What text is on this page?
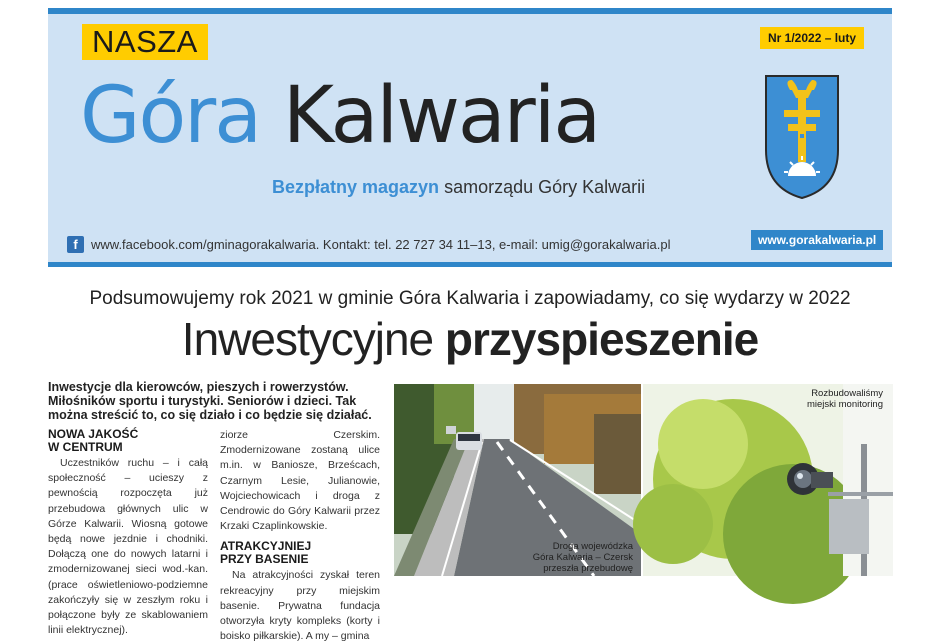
NASZA	Nr 1/2022 – luty
Góra Kalwaria
Bezpłatny magazyn samorządu Góry Kalwarii
f	www.facebook.com/gminagorakalwaria. Kontakt: tel. 22 727 34 11–13, e-mail: umig@gorakalwaria.pl	www.gorakalwaria.pl
Podsumowujemy rok 2021 w gminie Góra Kalwaria i zapowiadamy, co się wydarzy w 2022
Inwestycyjne przyspieszenie
Inwestycje dla kierowców, pieszych i rowerzystów. Miłośników sportu i turystyki. Seniorów i dzieci. Tak można streścić to, co się działo i co będzie się działać.
NOWA JAKOŚĆ
W CENTRUM

Uczestników ruchu – i całą społeczność – ucieszy z pewnością rozpoczęta już przebudowa głównych ulic w Górze Kalwarii. Wiosną gotowe będą nowe jezdnie i chodniki. Dołączą one do nowych latarni i zmodernizowanej sieci wod.-kan. (prace oświetleniowo-podziemne zakończyły się w zeszłym roku i połączone były ze skablowaniem linii elektrycznej).

ziorze Czerskim. Zmodernizowane zostaną ulice m.in. w Baniosze, Brześcach, Czarnym Lesie, Julianowie, Wojciechowicach i droga z Cendrowic do Góry Kalwarii przez Krzaki Czaplinkowskie.

ATRAKCYJNIEJ
PRZY BASENIE

Na atrakcyjności zyskał teren rekreacyjny przy miejskim basenie. Prywatna fundacja otworzyła kryty kompleks (korty i boisko piłkarskie). A my – gmina

Droga wojewódzka
Góra Kalwaria – Czersk
przeszła przebudowę
Rozbudowaliśmy
miejski monitoring
